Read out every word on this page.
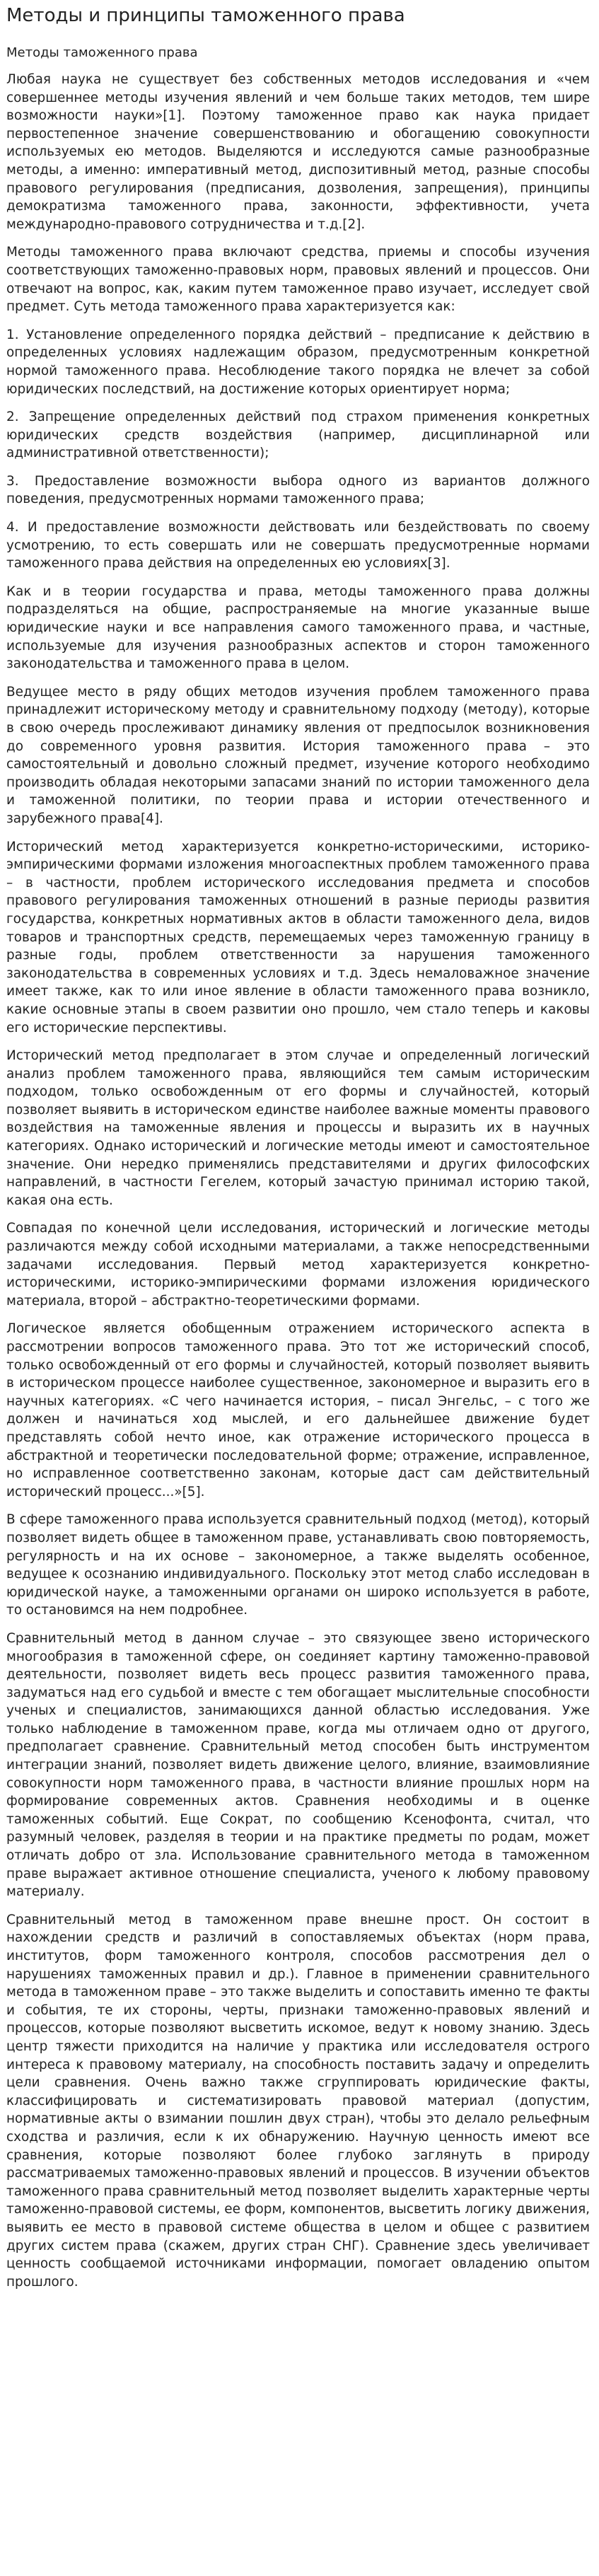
Методы и принципы таможенного права
Методы таможенного права

Любая наука не существует без собственных методов исследования и «чем совершеннее методы изучения явлений и чем больше таких методов, тем шире возможности науки»[1]. Поэтому таможенное право как наука придает первостепенное значение совершенствованию и обогащению совокупности используемых ею методов. Выделяются и исследуются самые разнообразные методы, а именно: императивный метод, диспозитивный метод, разные способы правового регулирования (предписания, дозволения, запрещения), принципы демократизма таможенного права, законности, эффективности, учета международно-правового сотрудничества и т.д.[2].

Методы таможенного права включают средства, приемы и способы изучения соответствующих таможенно-правовых норм, правовых явлений и процессов. Они отвечают на вопрос, как, каким путем таможенное право изучает, исследует свой предмет. Суть метода таможенного права характеризуется как:

1. Установление определенного порядка действий – предписание к действию в определенных условиях надлежащим образом, предусмотренным конкретной нормой таможенного права. Несоблюдение такого порядка не влечет за собой юридических последствий, на достижение которых ориентирует норма;

2. Запрещение определенных действий под страхом применения конкретных юридических средств воздействия (например, дисциплинарной или административной ответственности);

3. Предоставление возможности выбора одного из вариантов должного поведения, предусмотренных нормами таможенного права;

4. И предоставление возможности действовать или бездействовать по своему усмотрению, то есть совершать или не совершать предусмотренные нормами таможенного права действия на определенных ею условиях[3].

Как и в теории государства и права, методы таможенного права должны подразделяться на общие, распространяемые на многие указанные выше юридические науки и все направления самого таможенного права, и частные, используемые для изучения разнообразных аспектов и сторон таможенного законодательства и таможенного права в целом.

Ведущее место в ряду общих методов изучения проблем таможенного права принадлежит историческому методу и сравнительному подходу (методу), которые в свою очередь прослеживают динамику явления от предпосылок возникновения до современного уровня развития. История таможенного права – это самостоятельный и довольно сложный предмет, изучение которого необходимо производить обладая некоторыми запасами знаний по истории таможенного дела и таможенной политики, по теории права и истории отечественного и зарубежного права[4].

Исторический метод характеризуется конкретно-историческими, историко-эмпирическими формами изложения многоаспектных проблем таможенного права – в частности, проблем исторического исследования предмета и способов правового регулирования таможенных отношений в разные периоды развития государства, конкретных нормативных актов в области таможенного дела, видов товаров и транспортных средств, перемещаемых через таможенную границу в разные годы, проблем ответственности за нарушения таможенного законодательства в современных условиях и т.д. Здесь немаловажное значение имеет также, как то или иное явление в области таможенного права возникло, какие основные этапы в своем развитии оно прошло, чем стало теперь и каковы его исторические перспективы.

Исторический метод предполагает в этом случае и определенный логический анализ проблем таможенного права, являющийся тем самым историческим подходом, только освобожденным от его формы и случайностей, который позволяет выявить в историческом единстве наиболее важные моменты правового воздействия на таможенные явления и процессы и выразить их в научных категориях. Однако исторический и логические методы имеют и самостоятельное значение. Они нередко применялись представителями и других философских направлений, в частности Гегелем, который зачастую принимал историю такой, какая она есть.

Совпадая по конечной цели исследования, исторический и логические методы различаются между собой исходными материалами, а также непосредственными задачами исследования. Первый метод характеризуется конкретно-историческими, историко-эмпирическими формами изложения юридического материала, второй – абстрактно-теоретическими формами.

Логическое является обобщенным отражением исторического аспекта в рассмотрении вопросов таможенного права. Это тот же исторический способ, только освобожденный от его формы и случайностей, который позволяет выявить в историческом процессе наиболее существенное, закономерное и выразить его в научных категориях. «С чего начинается история, – писал Энгельс, – с того же должен и начинаться ход мыслей, и его дальнейшее движение будет представлять собой нечто иное, как отражение исторического процесса в абстрактной и теоретически последовательной форме; отражение, исправленное, но исправленное соответственно законам, которые даст сам действительный исторический процесс...»[5].

В сфере таможенного права используется сравнительный подход (метод), который позволяет видеть общее в таможенном праве, устанавливать свою повторяемость, регулярность и на их основе – закономерное, а также выделять особенное, ведущее к осознанию индивидуального. Поскольку этот метод слабо исследован в юридической науке, а таможенными органами он широко используется в работе, то остановимся на нем подробнее.

Сравнительный метод в данном случае – это связующее звено исторического многообразия в таможенной сфере, он соединяет картину таможенно-правовой деятельности, позволяет видеть весь процесс развития таможенного права, задуматься над его судьбой и вместе с тем обогащает мыслительные способности ученых и специалистов, занимающихся данной областью исследования. Уже только наблюдение в таможенном праве, когда мы отличаем одно от другого, предполагает сравнение. Сравнительный метод способен быть инструментом интеграции знаний, позволяет видеть движение целого, влияние, взаимовлияние совокупности норм таможенного права, в частности влияние прошлых норм на формирование современных актов. Сравнения необходимы и в оценке таможенных событий. Еще Сократ, по сообщению Ксенофонта, считал, что разумный человек, разделяя в теории и на практике предметы по родам, может отличать добро от зла. Использование сравнительного метода в таможенном праве выражает активное отношение специалиста, ученого к любому правовому материалу.

Сравнительный метод в таможенном праве внешне прост. Он состоит в нахождении средств и различий в сопоставляемых объектах (норм права, институтов, форм таможенного контроля, способов рассмотрения дел о нарушениях таможенных правил и др.). Главное в применении сравнительного метода в таможенном праве – это также выделить и сопоставить именно те факты и события, те их стороны, черты, признаки таможенно-правовых явлений и процессов, которые позволяют высветить искомое, ведут к новому знанию. Здесь центр тяжести приходится на наличие у практика или исследователя острого интереса к правовому материалу, на способность поставить задачу и определить цели сравнения. Очень важно также сгруппировать юридические факты, классифицировать и систематизировать правовой материал (допустим, нормативные акты о взимании пошлин двух стран), чтобы это делало рельефным сходства и различия, если к их обнаружению. Научную ценность имеют все сравнения, которые позволяют более глубоко заглянуть в природу рассматриваемых таможенно-правовых явлений и процессов. В изучении объектов таможенного права сравнительный метод позволяет выделить характерные черты таможенно-правовой системы, ее форм, компонентов, высветить логику движения, выявить ее место в правовой системе общества в целом и общее с развитием других систем права (скажем, других стран СНГ). Сравнение здесь увеличивает ценность сообщаемой источниками информации, помогает овладению опытом прошлого.
